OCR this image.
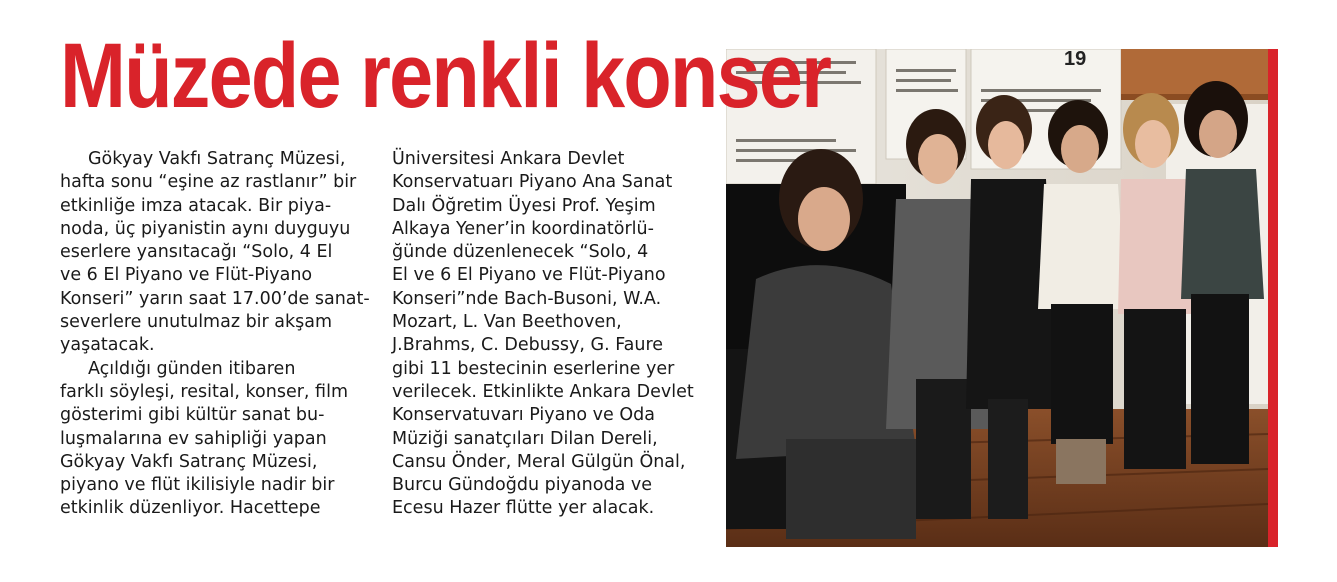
Müzede renkli konser
Gökyay Vakfı Satranç Müzesi,
hafta sonu “eşine az rastlanır” bir
etkinliğe imza atacak. Bir piya-
noda, üç piyanistin aynı duyguyu
eserlere yansıtacağı “Solo, 4 El
ve 6 El Piyano ve Flüt-Piyano
Konseri” yarın saat 17.00’de sanat-
severlere unutulmaz bir akşam
yaşatacak.
Açıldığı günden itibaren
farklı söyleşi, resital, konser, film
gösterimi gibi kültür sanat bu-
luşmalarına ev sahipliği yapan
Gökyay Vakfı Satranç Müzesi,
piyano ve flüt ikilisiyle nadir bir
etkinlik düzenliyor. Hacettepe
Üniversitesi Ankara Devlet
Konservatuarı Piyano Ana Sanat
Dalı Öğretim Üyesi Prof. Yeşim
Alkaya Yener’in koordinatörlü-
ğünde düzenlenecek “Solo, 4
El ve 6 El Piyano ve Flüt-Piyano
Konseri”nde Bach-Busoni, W.A.
Mozart, L. Van Beethoven,
J.Brahms, C. Debussy, G. Faure
gibi 11 bestecinin eserlerine yer
verilecek. Etkinlikte Ankara Devlet
Konservatuvarı Piyano ve Oda
Müziği sanatçıları Dilan Dereli,
Cansu Önder, Meral Gülgün Önal,
Burcu Gündoğdu piyanoda ve
Ecesu Hazer flütte yer alacak.
19
